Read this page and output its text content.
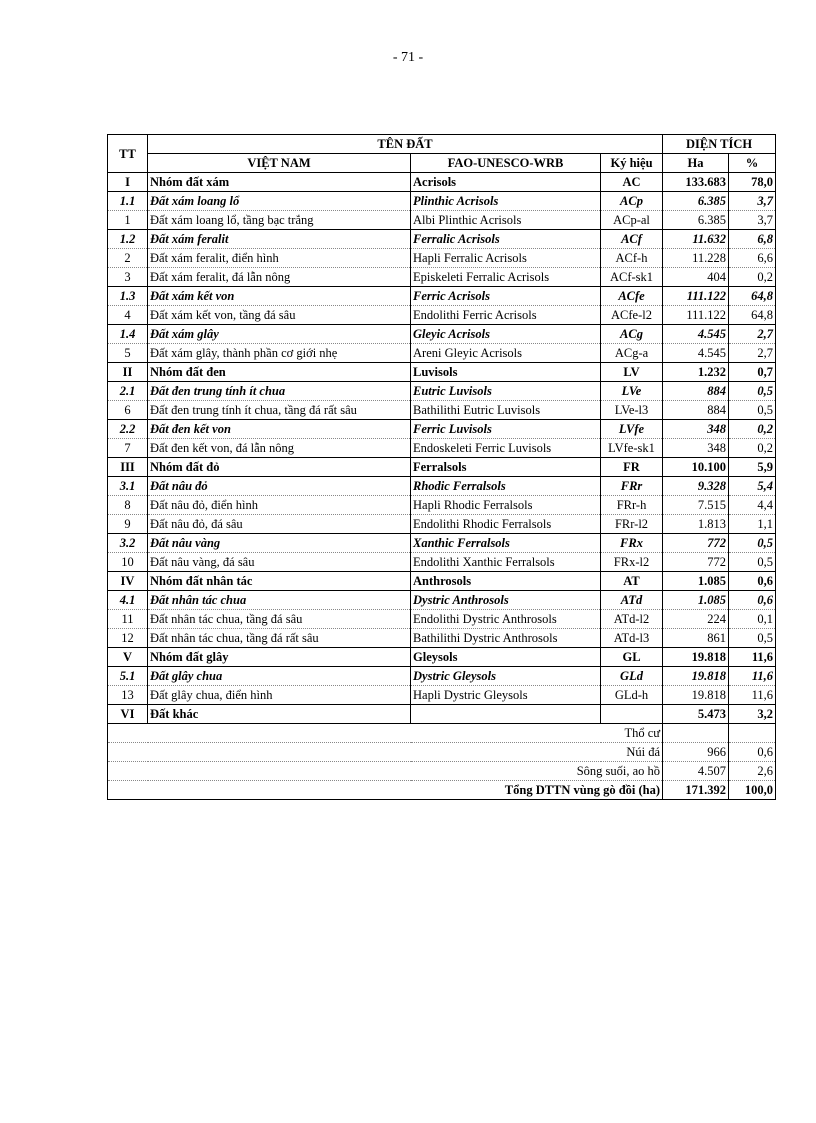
- 71 -
TT	TÊN ĐẤT			DIỆN TÍCH	
	VIỆT NAM	FAO-UNESCO-WRB	Ký hiệu	Ha	%
I	Nhóm đất xám	Acrisols	AC	133.683	78,0
1.1	Đất xám loang lổ	Plinthic Acrisols	ACp	6.385	3,7
1	Đất xám loang lổ, tầng bạc trắng	Albi Plinthic Acrisols	ACp-al	6.385	3,7
1.2	Đất xám feralit	Ferralic Acrisols	ACf	11.632	6,8
2	Đất xám feralit, điển hình	Hapli Ferralic Acrisols	ACf-h	11.228	6,6
3	Đất xám feralit, đá lẫn nông	Episkeleti Ferralic Acrisols	ACf-sk1	404	0,2
1.3	Đất xám kết von	Ferric Acrisols	ACfe	111.122	64,8
4	Đất xám kết von, tầng đá sâu	Endolithi Ferric Acrisols	ACfe-l2	111.122	64,8
1.4	Đất xám glây	Gleyic Acrisols	ACg	4.545	2,7
5	Đất xám glây, thành phần cơ giới nhẹ	Areni Gleyic Acrisols	ACg-a	4.545	2,7
II	Nhóm đất đen	Luvisols	LV	1.232	0,7
2.1	Đất đen trung tính ít chua	Eutric Luvisols	LVe	884	0,5
6	Đất đen trung tính ít chua, tầng đá rất sâu	Bathilithi Eutric Luvisols	LVe-l3	884	0,5
2.2	Đất đen kết von	Ferric Luvisols	LVfe	348	0,2
7	Đất đen kết von, đá lẫn nông	Endoskeleti Ferric Luvisols	LVfe-sk1	348	0,2
III	Nhóm đất đỏ	Ferralsols	FR	10.100	5,9
3.1	Đất nâu đỏ	Rhodic Ferralsols	FRr	9.328	5,4
8	Đất nâu đỏ, điển hình	Hapli Rhodic Ferralsols	FRr-h	7.515	4,4
9	Đất nâu đỏ, đá sâu	Endolithi Rhodic Ferralsols	FRr-l2	1.813	1,1
3.2	Đất nâu vàng	Xanthic Ferralsols	FRx	772	0,5
10	Đất nâu vàng, đá sâu	Endolithi Xanthic Ferralsols	FRx-l2	772	0,5
IV	Nhóm đất nhân tác	Anthrosols	AT	1.085	0,6
4.1	Đất nhân tác chua	Dystric Anthrosols	ATd	1.085	0,6
11	Đất nhân tác chua, tầng đá sâu	Endolithi Dystric Anthrosols	ATd-l2	224	0,1
12	Đất nhân tác chua, tầng đá rất sâu	Bathilithi Dystric Anthrosols	ATd-l3	861	0,5
V	Nhóm đất glây	Gleysols	GL	19.818	11,6
5.1	Đất glây chua	Dystric Gleysols	GLd	19.818	11,6
13	Đất glây chua, điển hình	Hapli Dystric Gleysols	GLd-h	19.818	11,6
VI	Đất khác			5.473	3,2
Thổ cư					
Núi đá				966	0,6
Sông suối, ao hồ				4.507	2,6
Tổng DTTN vùng gò đồi (ha)				171.392	100,0
